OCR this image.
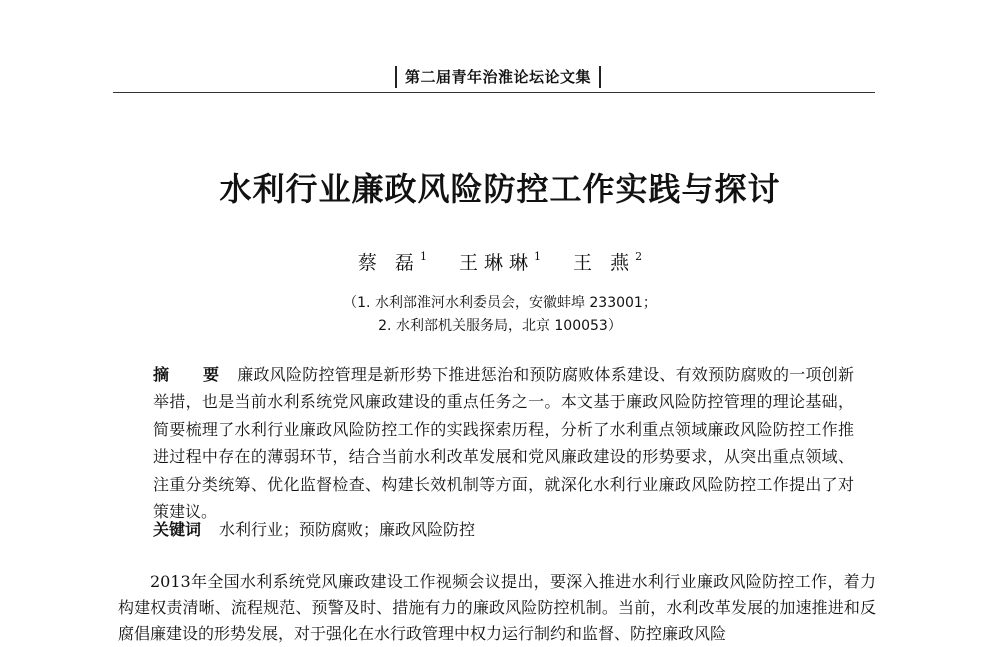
第二届青年治淮论坛论文集
水利行业廉政风险防控工作实践与探讨
蔡 磊$^1$ 王琳琳$^1$ 王 燕$^2$
（1. 水利部淮河水利委员会，安徽蚌埠 233001；
2. 水利部机关服务局，北京 100053）
摘 要 廉政风险防控管理是新形势下推进惩治和预防腐败体系建设、有效预防腐败的一项创新举措，也是当前水利系统党风廉政建设的重点任务之一。本文基于廉政风险防控管理的理论基础，简要梳理了水利行业廉政风险防控工作的实践探索历程，分析了水利重点领域廉政风险防控工作推进过程中存在的薄弱环节，结合当前水利改革发展和党风廉政建设的形势要求，从突出重点领域、注重分类统筹、优化监督检查、构建长效机制等方面，就深化水利行业廉政风险防控工作提出了对策建议。
关键词 水利行业；预防腐败；廉政风险防控
2013年全国水利系统党风廉政建设工作视频会议提出，要深入推进水利行业廉政风险防控工作，着力构建权责清晰、流程规范、预警及时、措施有力的廉政风险防控机制。当前，水利改革发展的加速推进和反腐倡廉建设的形势发展，对于强化在水行政管理中权力运行制约和监督、防控廉政风险
